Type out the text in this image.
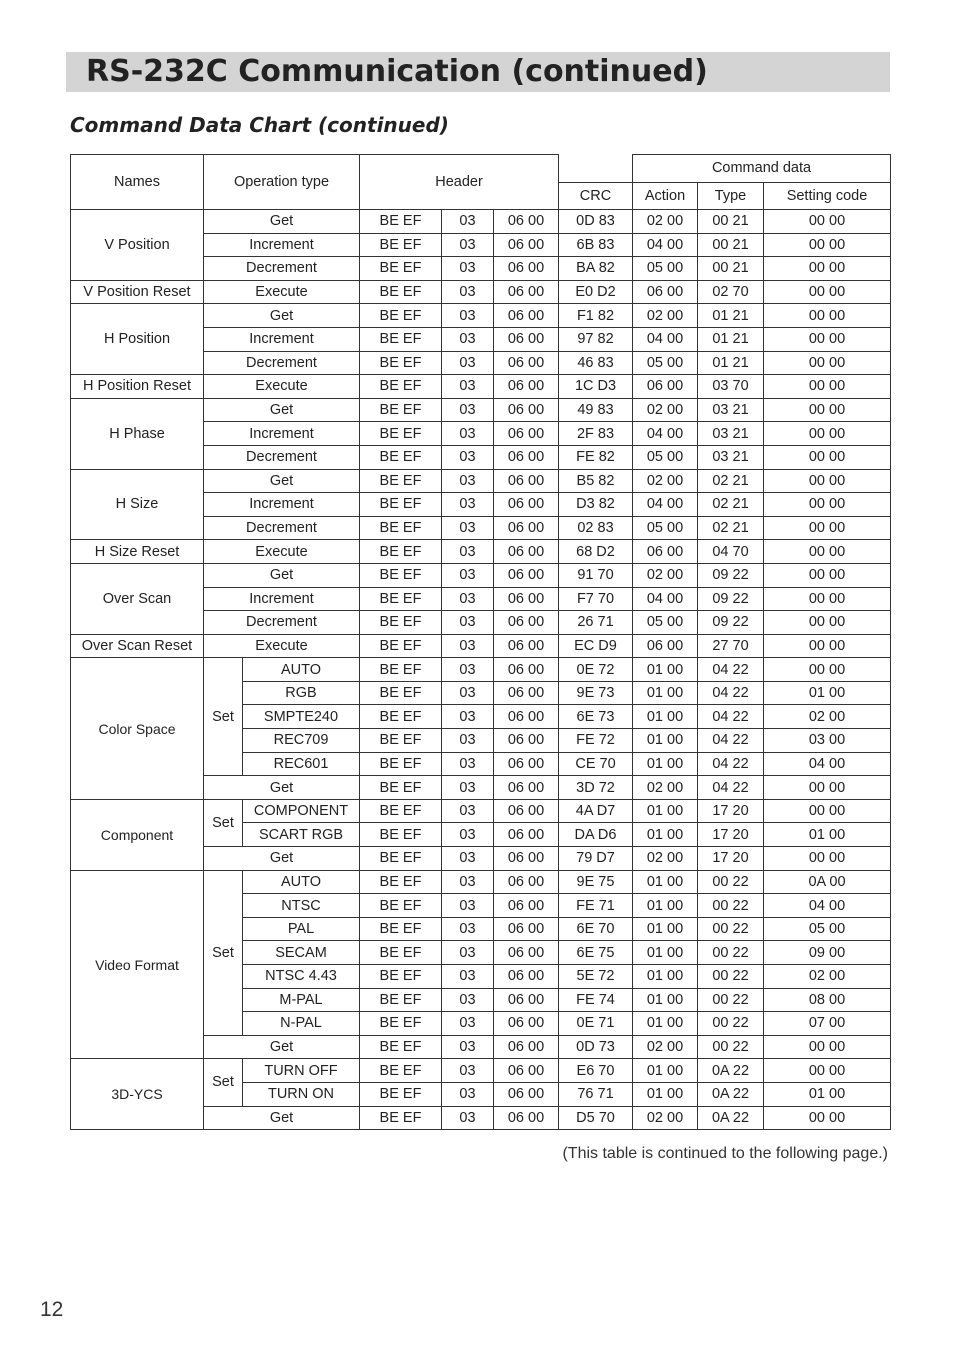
RS-232C Communication (continued)
Command Data Chart (continued)
Names	Operation type		Header				Command data		
						CRC	Action	Type	Setting code
V Position	Get		BE EF	03	06 00	0D 83	02 00	00 21	00 00
	Increment		BE EF	03	06 00	6B 83	04 00	00 21	00 00
	Decrement		BE EF	03	06 00	BA 82	05 00	00 21	00 00
V Position Reset	Execute		BE EF	03	06 00	E0 D2	06 00	02 70	00 00
H Position	Get		BE EF	03	06 00	F1 82	02 00	01 21	00 00
	Increment		BE EF	03	06 00	97 82	04 00	01 21	00 00
	Decrement		BE EF	03	06 00	46 83	05 00	01 21	00 00
H Position Reset	Execute		BE EF	03	06 00	1C D3	06 00	03 70	00 00
H Phase	Get		BE EF	03	06 00	49 83	02 00	03 21	00 00
	Increment		BE EF	03	06 00	2F 83	04 00	03 21	00 00
	Decrement		BE EF	03	06 00	FE 82	05 00	03 21	00 00
H Size	Get		BE EF	03	06 00	B5 82	02 00	02 21	00 00
	Increment		BE EF	03	06 00	D3 82	04 00	02 21	00 00
	Decrement		BE EF	03	06 00	02 83	05 00	02 21	00 00
H Size Reset	Execute		BE EF	03	06 00	68 D2	06 00	04 70	00 00
Over Scan	Get		BE EF	03	06 00	91 70	02 00	09 22	00 00
	Increment		BE EF	03	06 00	F7 70	04 00	09 22	00 00
	Decrement		BE EF	03	06 00	26 71	05 00	09 22	00 00
Over Scan Reset	Execute		BE EF	03	06 00	EC D9	06 00	27 70	00 00
Color Space	Set	AUTO	BE EF	03	06 00	0E 72	01 00	04 22	00 00
		RGB	BE EF	03	06 00	9E 73	01 00	04 22	01 00
		SMPTE240	BE EF	03	06 00	6E 73	01 00	04 22	02 00
		REC709	BE EF	03	06 00	FE 72	01 00	04 22	03 00
		REC601	BE EF	03	06 00	CE 70	01 00	04 22	04 00
	Get		BE EF	03	06 00	3D 72	02 00	04 22	00 00
Component	Set	COMPONENT	BE EF	03	06 00	4A D7	01 00	17 20	00 00
		SCART RGB	BE EF	03	06 00	DA D6	01 00	17 20	01 00
	Get		BE EF	03	06 00	79 D7	02 00	17 20	00 00
Video Format	Set	AUTO	BE EF	03	06 00	9E 75	01 00	00 22	0A 00
		NTSC	BE EF	03	06 00	FE 71	01 00	00 22	04 00
		PAL	BE EF	03	06 00	6E 70	01 00	00 22	05 00
		SECAM	BE EF	03	06 00	6E 75	01 00	00 22	09 00
		NTSC 4.43	BE EF	03	06 00	5E 72	01 00	00 22	02 00
		M-PAL	BE EF	03	06 00	FE 74	01 00	00 22	08 00
		N-PAL	BE EF	03	06 00	0E 71	01 00	00 22	07 00
	Get		BE EF	03	06 00	0D 73	02 00	00 22	00 00
3D-YCS	Set	TURN OFF	BE EF	03	06 00	E6 70	01 00	0A 22	00 00
		TURN ON	BE EF	03	06 00	76 71	01 00	0A 22	01 00
	Get		BE EF	03	06 00	D5 70	02 00	0A 22	00 00
(This table is continued to the following page.)
12
